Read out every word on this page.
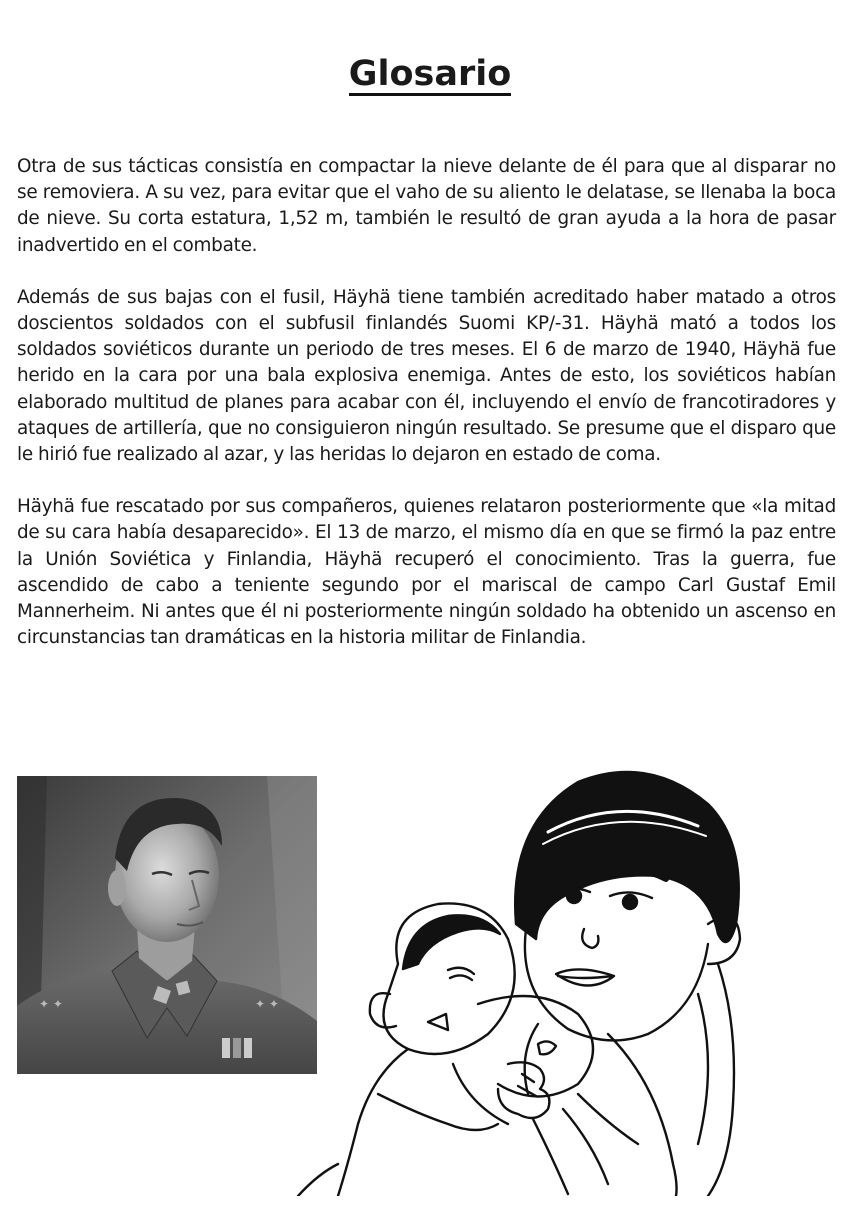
Glosario

Otra de sus tácticas consistía en compactar la nieve delante de él para que al disparar no se removiera. A su vez, para evitar que el vaho de su aliento le delatase, se llenaba la boca de nieve. Su corta estatura, 1,52 m, también le resultó de gran ayuda a la hora de pasar inadvertido en el combate.

Además de sus bajas con el fusil, Häyhä tiene también acreditado haber matado a otros doscientos soldados con el subfusil finlandés Suomi KP/-31. Häyhä mató a todos los soldados soviéticos durante un periodo de tres meses. El 6 de marzo de 1940, Häyhä fue herido en la cara por una bala explosiva enemiga. Antes de esto, los soviéticos habían elaborado multitud de planes para acabar con él, incluyendo el envío de francotiradores y ataques de artillería, que no consiguieron ningún resultado. Se presume que el disparo que le hirió fue realizado al azar, y las heridas lo dejaron en estado de coma.

Häyhä fue rescatado por sus compañeros, quienes relataron posteriormente que «la mitad de su cara había desaparecido». El 13 de marzo, el mismo día en que se firmó la paz entre la Unión Soviética y Finlandia, Häyhä recuperó el conocimiento. Tras la guerra, fue ascendido de cabo a teniente segundo por el mariscal de campo Carl Gustaf Emil Mannerheim. Ni antes que él ni posteriormente ningún soldado ha obtenido un ascenso en circunstancias tan dramáticas en la historia militar de Finlandia.

✦ ✦	✦ ✦
